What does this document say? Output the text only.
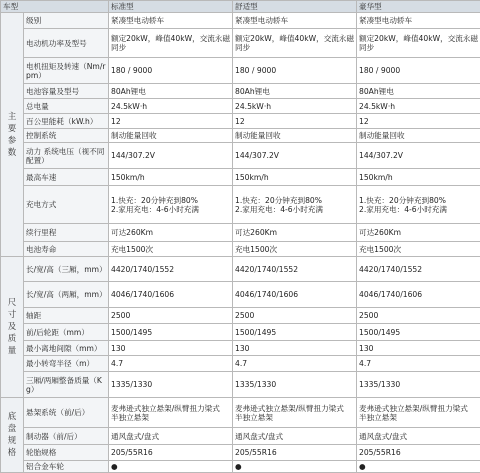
车型		标准型	舒适型	豪华型

主要参数	级别	紧凑型电动轿车	紧凑型电动轿车	紧凑型电动轿车
	电动机功率及型号	额定20kW，峰值40kW，交流永磁同步	额定20kW，峰值40kW，交流永磁同步	额定20kW，峰值40kW，交流永磁同步
	电机扭矩及转速（Nm/rpm）	180 / 9000	180 / 9000	180 / 9000
	电池容量及型号	80Ah锂电	80Ah锂电	80Ah锂电
	总电量	24.5kW·h	24.5kW·h	24.5kW·h
	百公里能耗（kW.h）	12	12	12
	控制系统	制动能量回收	制动能量回收	制动能量回收
	动力 系统电压（视不同配置）	144/307.2V	144/307.2V	144/307.2V
	最高车速	150km/h	150km/h	150km/h
	充电方式	1.快充：20分钟充到80%
2.家用充电：4-6小时充满	1.快充：20分钟充到80%
2.家用充电：4-6小时充满	1.快充：20分钟充到80%
2.家用充电：4-6小时充满
	续行里程	可达260Km	可达260Km	可达260Km
	电池寿命	充电1500次	充电1500次	充电1500次

尺寸及质量	长/宽/高（三厢，mm）	4420/1740/1552	4420/1740/1552	4420/1740/1552
	长/宽/高（两厢，mm）	4046/1740/1606	4046/1740/1606	4046/1740/1606
	轴距	2500	2500	2500
	前/后轮距（mm）	1500/1495	1500/1495	1500/1495
	最小离地间隙（mm）	130	130	130
	最小转弯半径（m）	4.7	4.7	4.7
	三厢/两厢整备质量（Kg）	1335/1330	1335/1330	1335/1330

底盘规格	悬架系统（前/后）	麦弗逊式独立悬架/纵臂扭力梁式
半独立悬架	麦弗逊式独立悬架/纵臂扭力梁式
半独立悬架	麦弗逊式独立悬架/纵臂扭力梁式
半独立悬架
	制动器（前/后）	通风盘式/盘式	通风盘式/盘式	通风盘式/盘式
	轮胎规格	205/55R16	205/55R16	205/55R16
	铝合金车轮	●	●	●
